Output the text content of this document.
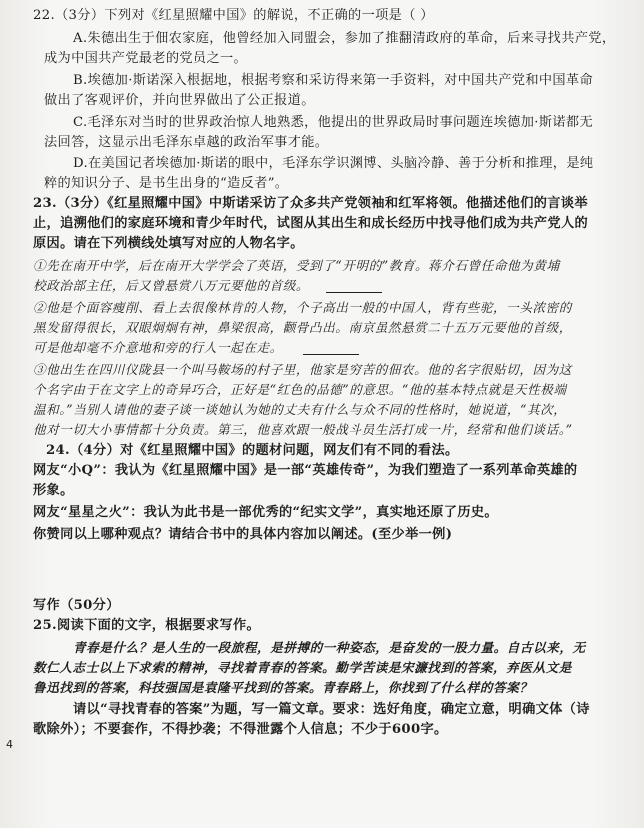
22.（3分）下列对《红星照耀中国》的解说，不正确的一项是（ ）
A.朱德出生于佃农家庭，他曾经加入同盟会，参加了推翻清政府的革命，后来寻找共产党，
成为中国共产党最老的党员之一。
B.埃德加·斯诺深入根据地，根据考察和采访得来第一手资料，对中国共产党和中国革命
做出了客观评价，并向世界做出了公正报道。
C.毛泽东对当时的世界政治惊人地熟悉，他提出的世界政局时事问题连埃德加·斯诺都无
法回答，这显示出毛泽东卓越的政治军事才能。
D.在美国记者埃德加·斯诺的眼中，毛泽东学识渊博、头脑冷静、善于分析和推理，是纯
粹的知识分子、是书生出身的“造反者”。
23.（3分）《红星照耀中国》中斯诺采访了众多共产党领袖和红军将领。他描述他们的言谈举
止，追溯他们的家庭环境和青少年时代，试图从其出生和成长经历中找寻他们成为共产党人的
原因。请在下列横线处填写对应的人物名字。
①先在南开中学，后在南开大学学会了英语，受到了“开明的”教育。蒋介石曾任命他为黄埔
校政治部主任，后又曾悬赏八万元要他的首级。
②他是个面容瘦削、看上去很像林肯的人物，个子高出一般的中国人，背有些驼，一头浓密的
黑发留得很长，双眼炯炯有神，鼻梁很高，颧骨凸出。南京虽然悬赏二十五万元要他的首级，
可是他却毫不介意地和旁的行人一起在走。
③他出生在四川仪陇县一个叫马鞍场的村子里，他家是穷苦的佃农。他的名字很贴切，因为这
个名字由于在文字上的奇异巧合，正好是“红色的品德”的意思。“他的基本特点就是天性极端
温和。”当别人请他的妻子谈一谈她认为她的丈夫有什么与众不同的性格时，她说道，“其次，
他对一切大小事情都十分负责。第三，他喜欢跟一般战斗员生活打成一片，经常和他们谈话。”
24.（4分）对《红星照耀中国》的题材问题，网友们有不同的看法。
网友“小Q”：我认为《红星照耀中国》是一部“英雄传奇”，为我们塑造了一系列革命英雄的
形象。
网友“星星之火”：我认为此书是一部优秀的“纪实文学”，真实地还原了历史。
你赞同以上哪种观点？请结合书中的具体内容加以阐述。(至少举一例)
写作（50分）
25.阅读下面的文字，根据要求写作。
青春是什么？是人生的一段旅程，是拼搏的一种姿态，是奋发的一股力量。自古以来，无
数仁人志士以上下求索的精神，寻找着青春的答案。勤学苦读是宋濂找到的答案，弃医从文是
鲁迅找到的答案，科技强国是袁隆平找到的答案。青春路上，你找到了什么样的答案？
请以“寻找青春的答案”为题，写一篇文章。要求：选好角度，确定立意，明确文体（诗
歌除外）；不要套作，不得抄袭；不得泄露个人信息；不少于600字。
4
